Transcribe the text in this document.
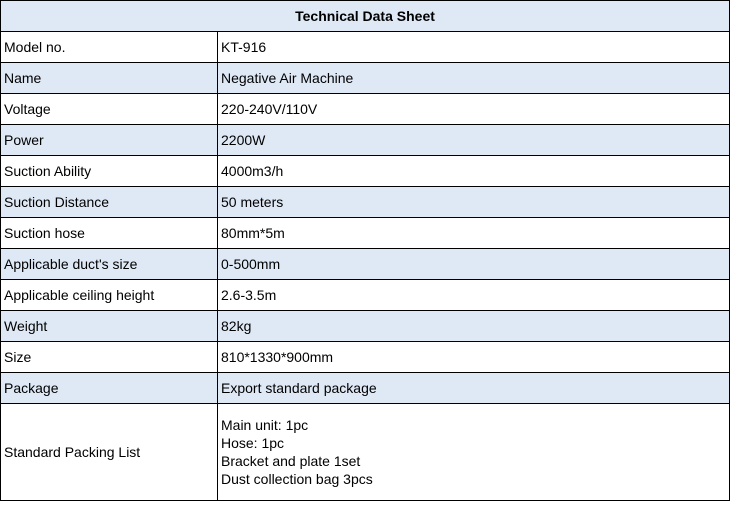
Technical Data Sheet	
Model no.	KT-916
Name	Negative Air Machine
Voltage	220-240V/110V
Power	2200W
Suction Ability	4000m3/h
Suction Distance	50 meters
Suction hose	80mm*5m
Applicable duct's size	0-500mm
Applicable ceiling height	2.6-3.5m
Weight	82kg
Size	810*1330*900mm
Package	Export standard package
Standard Packing List	Main unit: 1pc
Hose: 1pc
Bracket and plate 1set
Dust collection bag 3pcs
